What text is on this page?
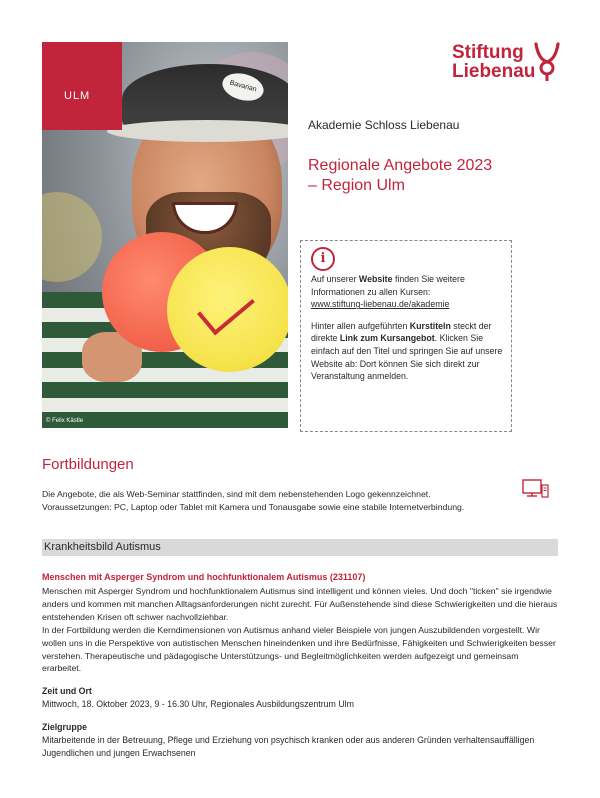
Bavarian
© Felix Kästle
ULM
Stiftung
Liebenau
Akademie Schloss Liebenau
Regionale Angebote 2023
– Region Ulm
i

Auf unserer Website finden Sie weitere Informationen zu allen Kursen:
www.stiftung-liebenau.de/akademie

Hinter allen aufgeführten Kurstiteln steckt der direkte Link zum Kursangebot. Klicken Sie einfach auf den Titel und springen Sie auf unsere Website ab: Dort können Sie sich direkt zur Veranstaltung anmelden.

Fortbildungen
Die Angebote, die als Web-Seminar stattfinden, sind mit dem nebenstehenden Logo gekennzeichnet.
Voraussetzungen: PC, Laptop oder Tablet mit Kamera und Tonausgabe sowie eine stabile Internetverbindung.
Krankheitsbild Autismus
Menschen mit Asperger Syndrom und hochfunktionalem Autismus (231107)
Menschen mit Asperger Syndrom und hochfunktionalem Autismus sind intelligent und können vieles. Und doch "ticken" sie irgendwie anders und kommen mit manchen Alltagsanforderungen nicht zurecht. Für Außenstehende sind diese Schwierigkeiten und die hieraus entstehenden Krisen oft schwer nachvollziehbar.
In der Fortbildung werden die Kerndimensionen von Autismus anhand vieler Beispiele von jungen Auszubildenden vorgestellt. Wir wollen uns in die Perspektive von autistischen Menschen hineindenken und ihre Bedürfnisse, Fähigkeiten und Schwierigkeiten besser verstehen. Therapeutische und pädagogische Unterstützungs- und Begleitmöglichkeiten werden aufgezeigt und gemeinsam erarbeitet.
Zeit und Ort
Mittwoch, 18. Oktober 2023, 9 - 16.30 Uhr, Regionales Ausbildungszentrum Ulm
Zielgruppe
Mitarbeitende in der Betreuung, Pflege und Erziehung von psychisch kranken oder aus anderen Gründen verhaltensauffälligen Jugendlichen und jungen Erwachsenen
